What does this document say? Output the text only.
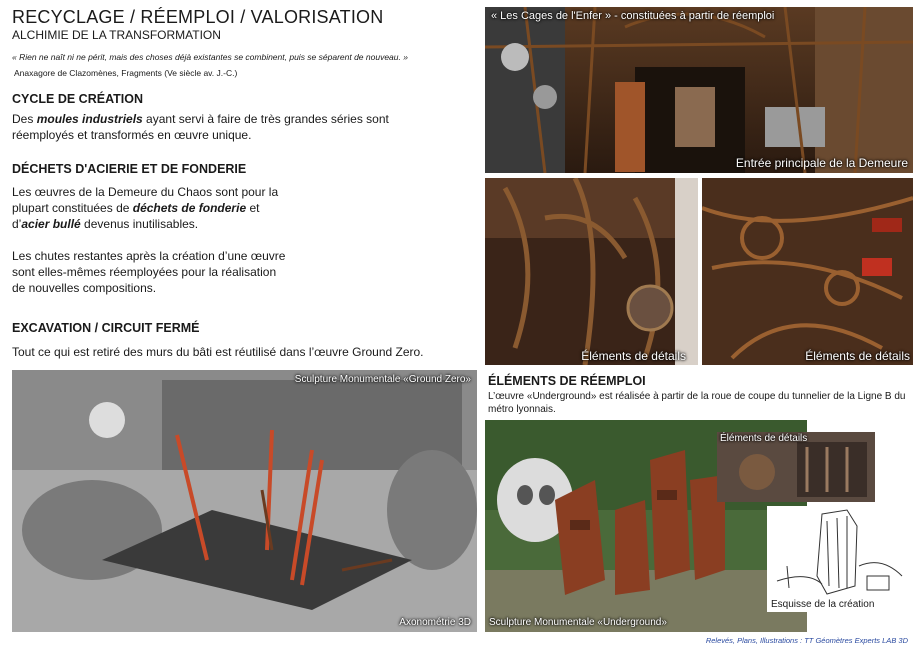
RECYCLAGE / RÉEMPLOI / VALORISATION
ALCHIMIE DE LA TRANSFORMATION
« Rien ne naît ni ne périt, mais des choses déjà existantes se combinent, puis se séparent de nouveau. »
Anaxagore de Clazomènes, Fragments (Ve siècle av. J.-C.)
CYCLE DE CRÉATION

Des moules industriels ayant servi à faire de très grandes séries sont réemployés et transformés en œuvre unique.

DÉCHETS D'ACIERIE ET DE FONDERIE

Les œuvres de la Demeure du Chaos sont pour la plupart constituées de déchets de fonderie et d’acier bullé devenus inutilisables.

Les chutes restantes après la création d’une œuvre sont elles-mêmes réemployées pour la réalisation de nouvelles compositions.

EXCAVATION / CIRCUIT FERMÉ
Tout ce qui est retiré des murs du bâti est réutilisé dans l’œuvre Ground Zero.
« Les Cages de l'Enfer » - constituées à partir de réemploi
Entrée principale de la Demeure
Éléments de détails	Éléments de détails
Sculpture Monumentale «Ground Zero»
Axonométrie 3D
ÉLÉMENTS DE RÉEMPLOI
L’œuvre «Underground» est réalisée à partir de la roue de coupe du tunnelier de la Ligne B du métro lyonnais.
Sculpture Monumentale «Underground»
Éléments de détails
Esquisse de la création
Relevés, Plans, Illustrations : TT Géomètres Experts LAB 3D
